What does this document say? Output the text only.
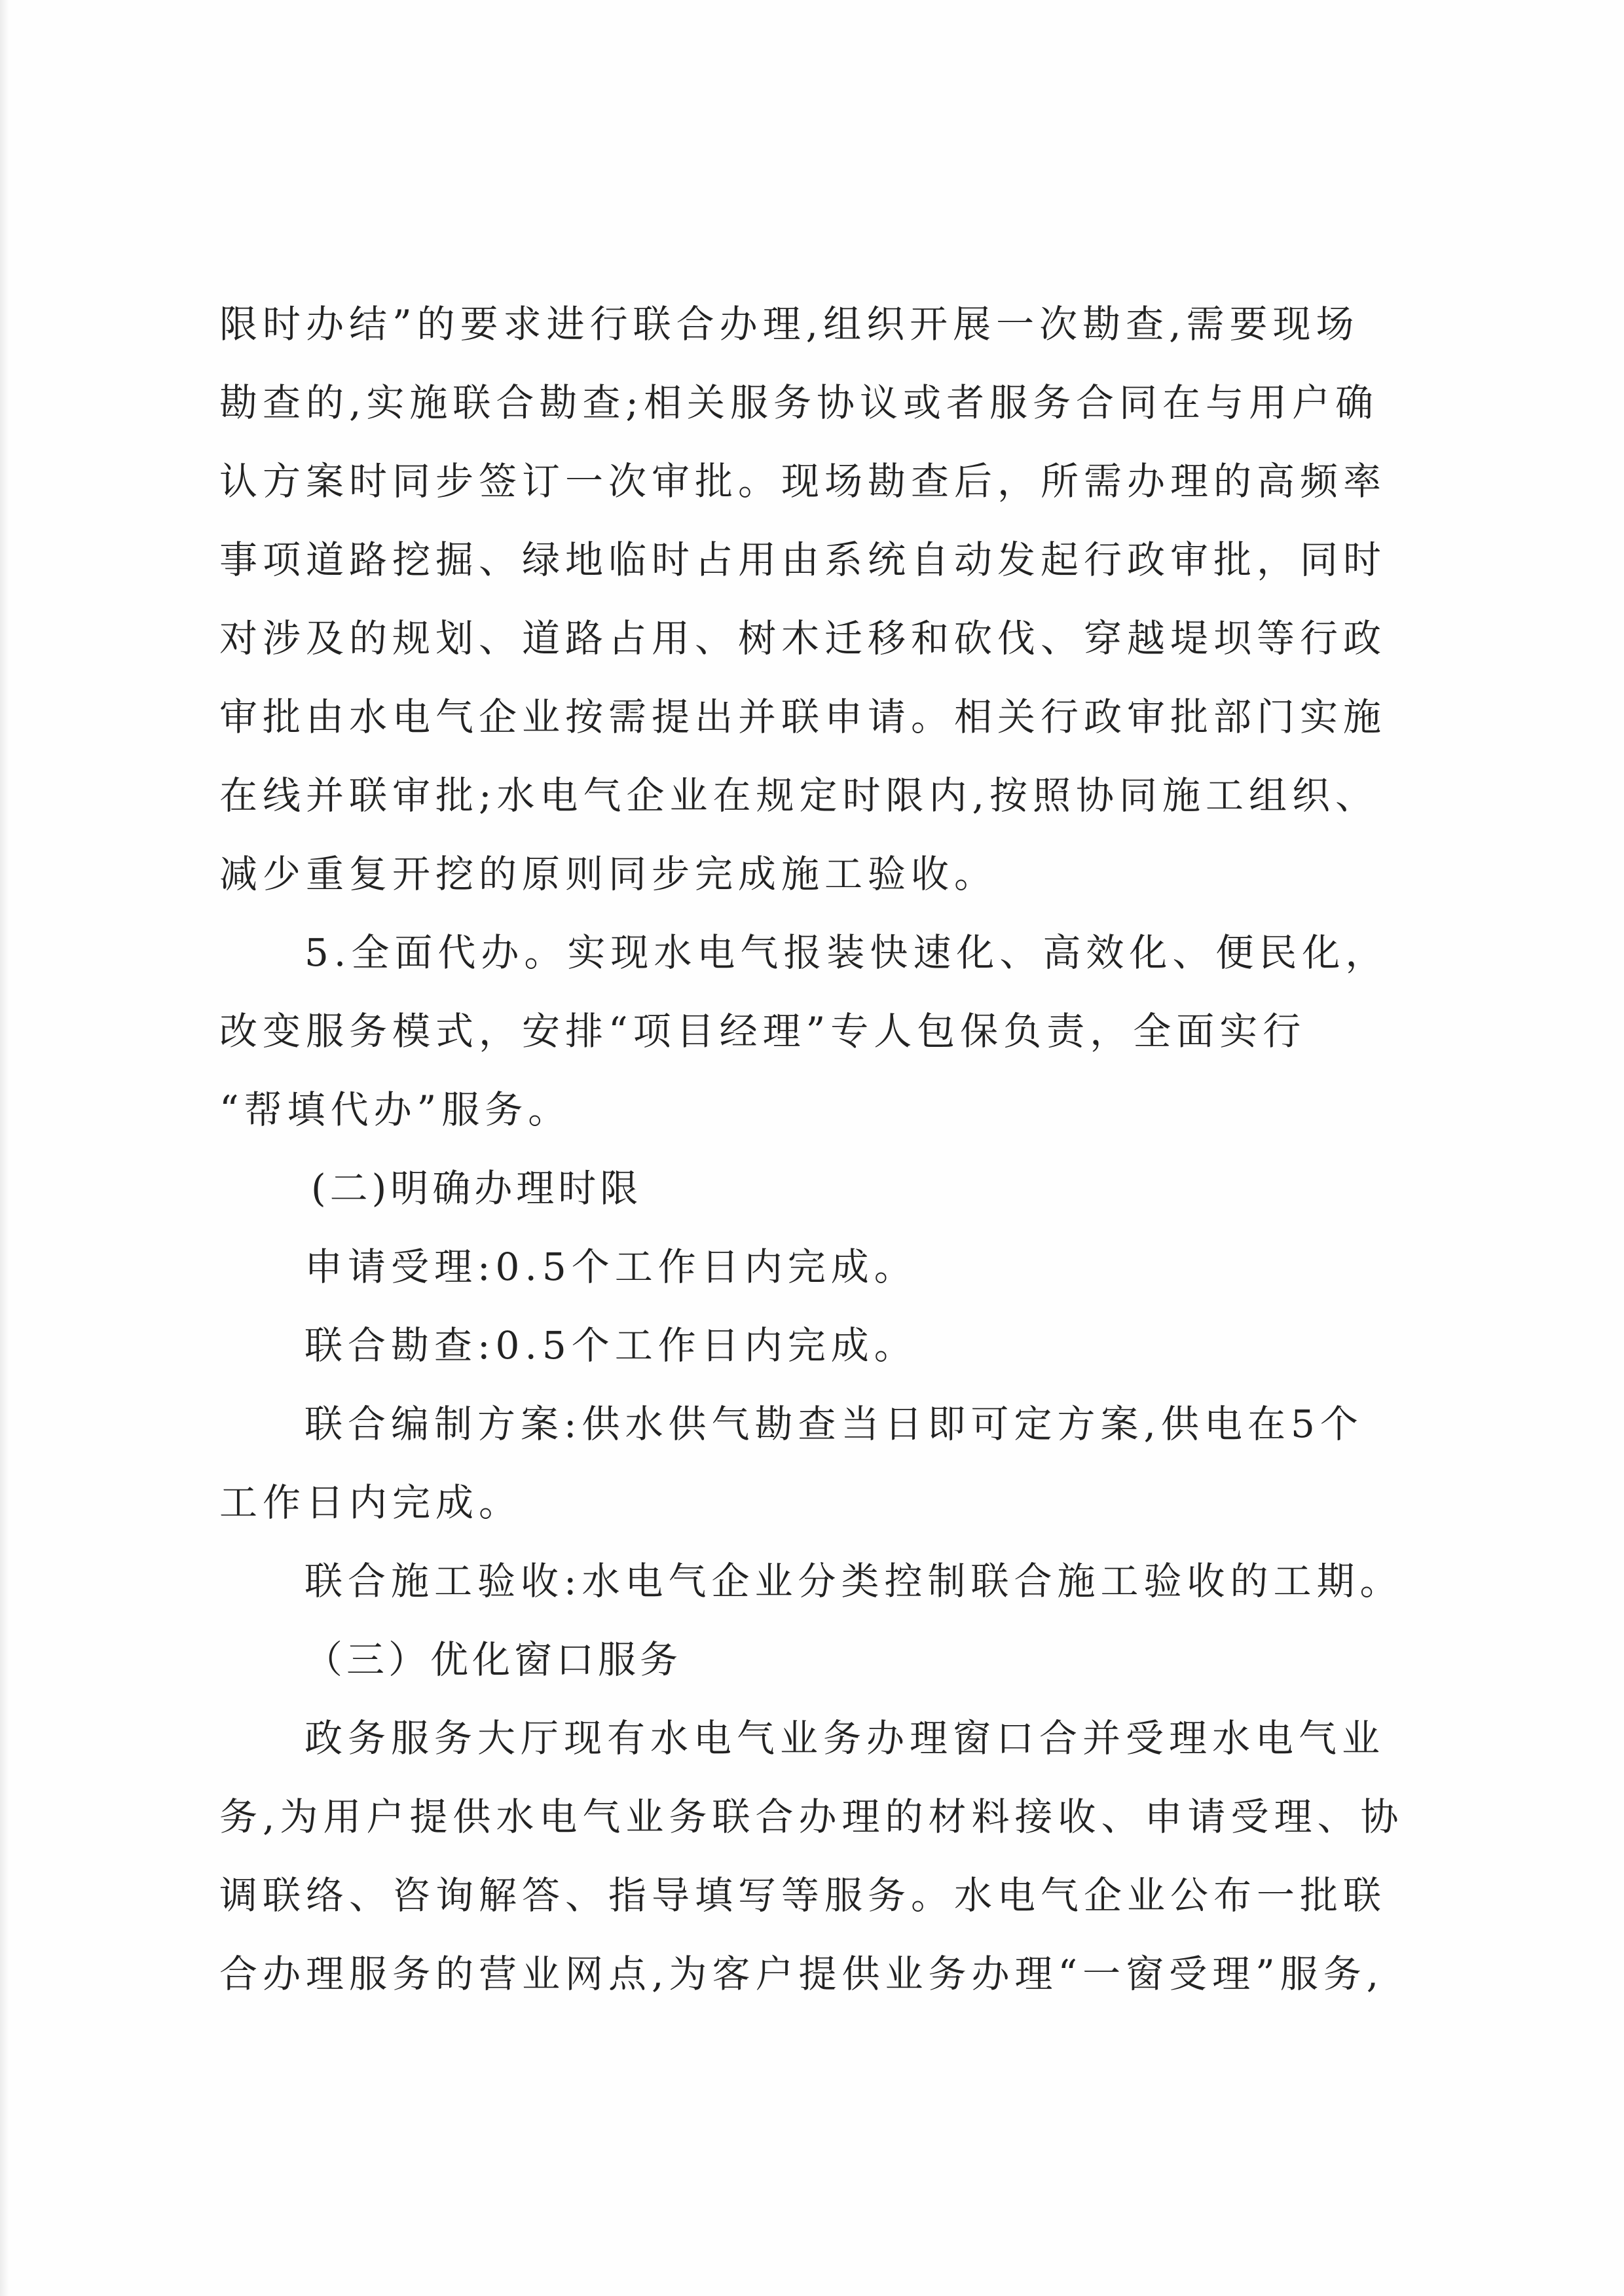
限时办结”的要求进行联合办理,组织开展一次勘查,需要现场

勘查的,实施联合勘查;相关服务协议或者服务合同在与用户确

认方案时同步签订一次审批。现场勘查后，所需办理的高频率

事项道路挖掘、绿地临时占用由系统自动发起行政审批，同时

对涉及的规划、道路占用、树木迁移和砍伐、穿越堤坝等行政

审批由水电气企业按需提出并联申请。相关行政审批部门实施

在线并联审批;水电气企业在规定时限内,按照协同施工组织、

减少重复开挖的原则同步完成施工验收。

5.全面代办。实现水电气报装快速化、高效化、便民化，

改变服务模式，安排“项目经理”专人包保负责，全面实行

“帮填代办”服务。

(二)明确办理时限

申请受理:0.5个工作日内完成。

联合勘查:0.5个工作日内完成。

联合编制方案:供水供气勘查当日即可定方案,供电在5个

工作日内完成。

联合施工验收:水电气企业分类控制联合施工验收的工期。

（三）优化窗口服务

政务服务大厅现有水电气业务办理窗口合并受理水电气业

务,为用户提供水电气业务联合办理的材料接收、申请受理、协

调联络、咨询解答、指导填写等服务。水电气企业公布一批联

合办理服务的营业网点,为客户提供业务办理“一窗受理”服务,
